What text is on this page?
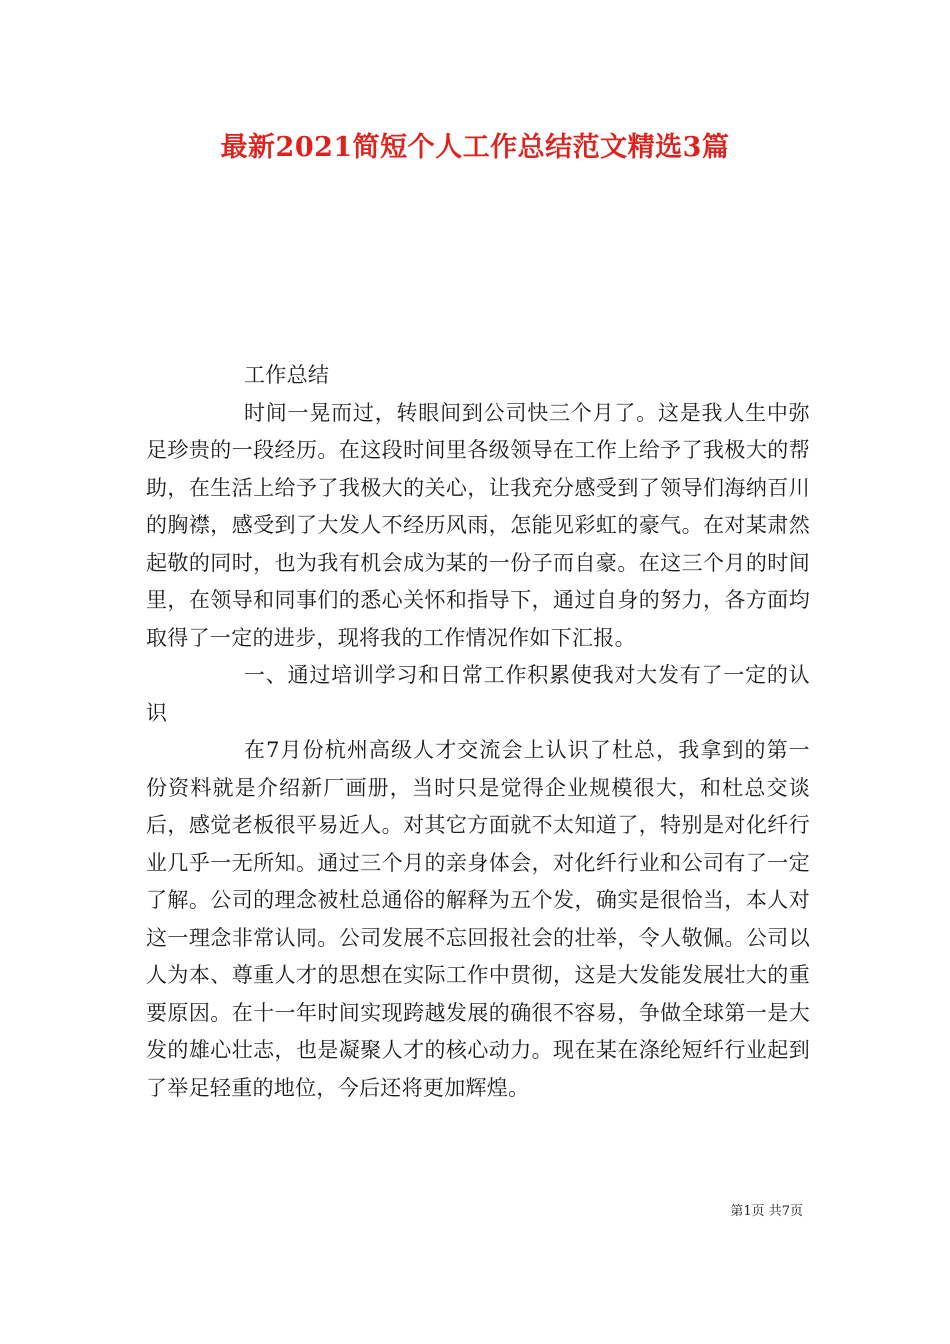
最新2021简短个人工作总结范文精选3篇

工作总结

时间一晃而过，转眼间到公司快三个月了。这是我人生中弥足珍贵的一段经历。在这段时间里各级领导在工作上给予了我极大的帮助，在生活上给予了我极大的关心，让我充分感受到了领导们海纳百川的胸襟，感受到了大发人不经历风雨，怎能见彩虹的豪气。在对某肃然起敬的同时，也为我有机会成为某的一份子而自豪。在这三个月的时间里，在领导和同事们的悉心关怀和指导下，通过自身的努力，各方面均取得了一定的进步，现将我的工作情况作如下汇报。

一、通过培训学习和日常工作积累使我对大发有了一定的认识

在7月份杭州高级人才交流会上认识了杜总，我拿到的第一份资料就是介绍新厂画册，当时只是觉得企业规模很大，和杜总交谈后，感觉老板很平易近人。对其它方面就不太知道了，特别是对化纤行业几乎一无所知。通过三个月的亲身体会，对化纤行业和公司有了一定了解。公司的理念被杜总通俗的解释为五个发，确实是很恰当，本人对这一理念非常认同。公司发展不忘回报社会的壮举，令人敬佩。公司以人为本、尊重人才的思想在实际工作中贯彻，这是大发能发展壮大的重要原因。在十一年时间实现跨越发展的确很不容易，争做全球第一是大发的雄心壮志，也是凝聚人才的核心动力。现在某在涤纶短纤行业起到了举足轻重的地位，今后还将更加辉煌。

第1页 共7页
